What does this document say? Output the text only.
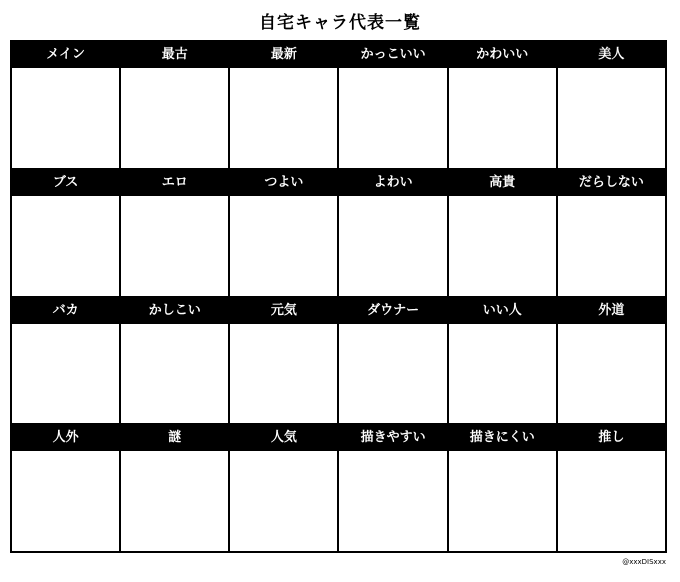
自宅キャラ代表一覧
メイン	最古	最新	かっこいい	かわいい	美人
ブス	エロ	つよい	よわい	高貴	だらしない
バカ	かしこい	元気	ダウナー	いい人	外道
人外	謎	人気	描きやすい	描きにくい	推し
@xxxDISxxx
